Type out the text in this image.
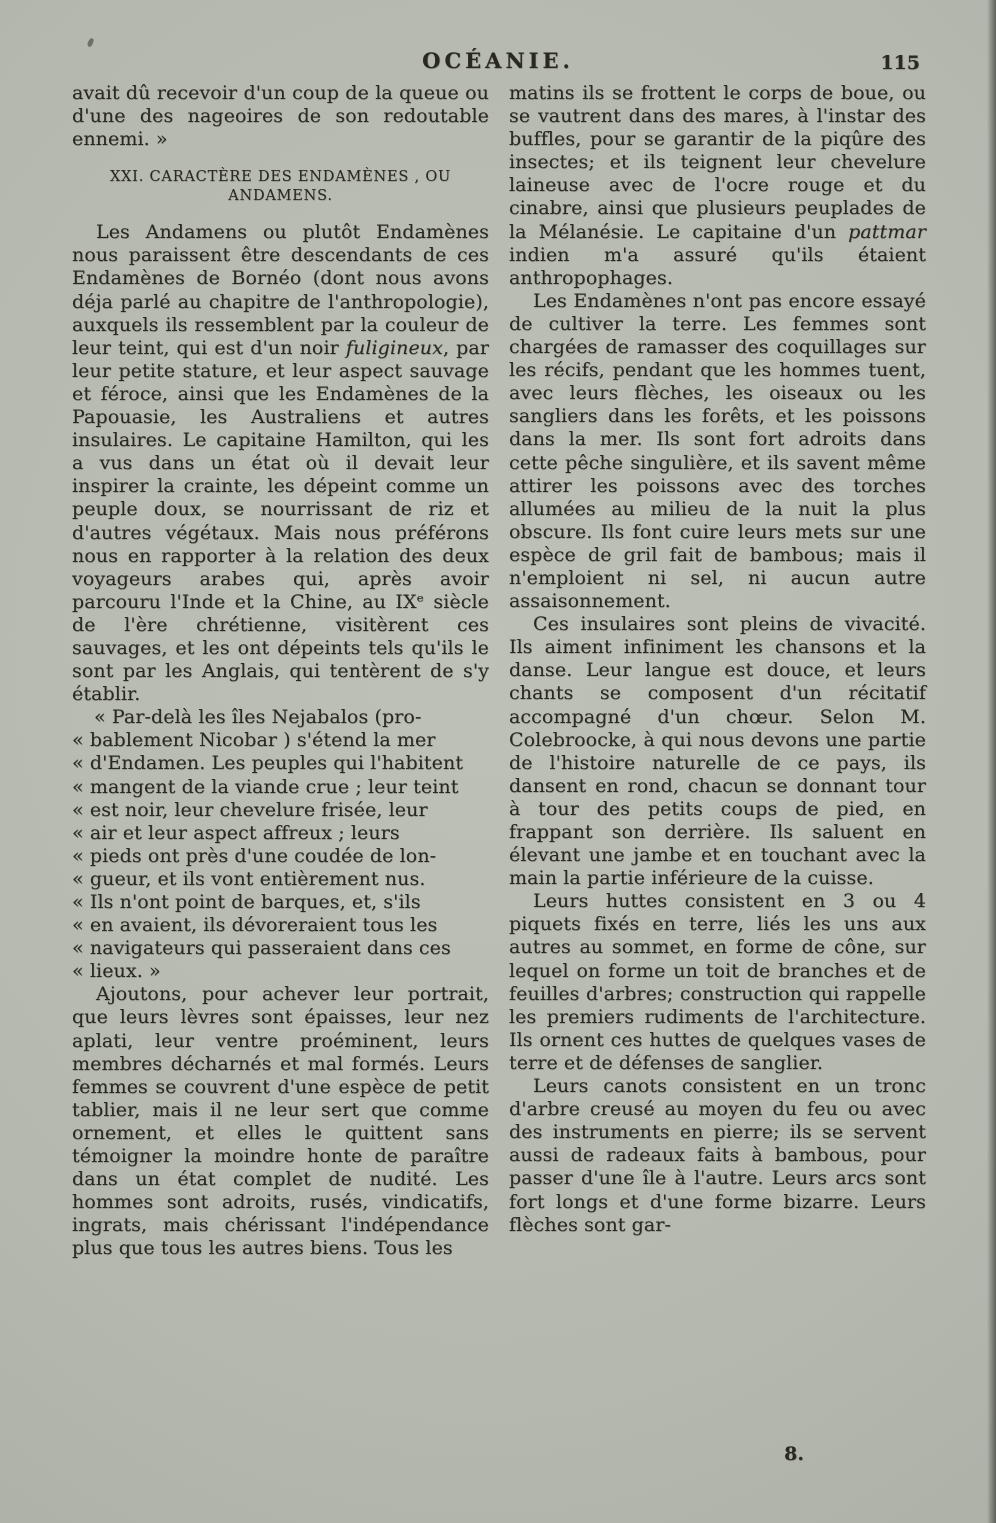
OCÉANIE.	115

avait dû recevoir d'un coup de la queue ou d'une des nageoires de son redoutable ennemi. »

XXI. CARACTÈRE DES ENDAMÈNES , OU
ANDAMENS.

Les Andamens ou plutôt Endamènes nous paraissent être descendants de ces Endamènes de Bornéo (dont nous avons déja parlé au chapitre de l'anthropologie), auxquels ils ressemblent par la couleur de leur teint, qui est d'un noir fuligineux, par leur petite stature, et leur aspect sauvage et féroce, ainsi que les Endamènes de la Papouasie, les Australiens et autres insulaires. Le capitaine Hamilton, qui les a vus dans un état où il devait leur inspirer la crainte, les dépeint comme un peuple doux, se nourrissant de riz et d'autres végétaux. Mais nous préférons nous en rapporter à la relation des deux voyageurs arabes qui, après avoir parcouru l'Inde et la Chine, au IXᵉ siècle de l'ère chrétienne, visitèrent ces sauvages, et les ont dépeints tels qu'ils le sont par les Anglais, qui tentèrent de s'y établir.

« Par-delà les îles Nejabalos (pro-
« bablement Nicobar ) s'étend la mer
« d'Endamen. Les peuples qui l'habitent
« mangent de la viande crue ; leur teint
« est noir, leur chevelure frisée, leur
« air et leur aspect affreux ; leurs
« pieds ont près d'une coudée de lon-
« gueur, et ils vont entièrement nus.
« Ils n'ont point de barques, et, s'ils
« en avaient, ils dévoreraient tous les
« navigateurs qui passeraient dans ces
« lieux. »

Ajoutons, pour achever leur portrait, que leurs lèvres sont épaisses, leur nez aplati, leur ventre proéminent, leurs membres décharnés et mal formés. Leurs femmes se couvrent d'une espèce de petit tablier, mais il ne leur sert que comme ornement, et elles le quittent sans témoigner la moindre honte de paraître dans un état complet de nudité. Les hommes sont adroits, rusés, vindicatifs, ingrats, mais chérissant l'indépendance plus que tous les autres biens. Tous les

matins ils se frottent le corps de boue, ou se vautrent dans des mares, à l'instar des buffles, pour se garantir de la piqûre des insectes; et ils teignent leur chevelure laineuse avec de l'ocre rouge et du cinabre, ainsi que plusieurs peuplades de la Mélanésie. Le capitaine d'un pattmar indien m'a assuré qu'ils étaient anthropophages.

Les Endamènes n'ont pas encore essayé de cultiver la terre. Les femmes sont chargées de ramasser des coquillages sur les récifs, pendant que les hommes tuent, avec leurs flèches, les oiseaux ou les sangliers dans les forêts, et les poissons dans la mer. Ils sont fort adroits dans cette pêche singulière, et ils savent même attirer les poissons avec des torches allumées au milieu de la nuit la plus obscure. Ils font cuire leurs mets sur une espèce de gril fait de bambous; mais il n'emploient ni sel, ni aucun autre assaisonnement.

Ces insulaires sont pleins de vivacité. Ils aiment infiniment les chansons et la danse. Leur langue est douce, et leurs chants se composent d'un récitatif accompagné d'un chœur. Selon M. Colebroocke, à qui nous devons une partie de l'histoire naturelle de ce pays, ils dansent en rond, chacun se donnant tour à tour des petits coups de pied, en frappant son derrière. Ils saluent en élevant une jambe et en touchant avec la main la partie inférieure de la cuisse.

Leurs huttes consistent en 3 ou 4 piquets fixés en terre, liés les uns aux autres au sommet, en forme de cône, sur lequel on forme un toit de branches et de feuilles d'arbres; construction qui rappelle les premiers rudiments de l'architecture. Ils ornent ces huttes de quelques vases de terre et de défenses de sanglier.

Leurs canots consistent en un tronc d'arbre creusé au moyen du feu ou avec des instruments en pierre; ils se servent aussi de radeaux faits à bambous, pour passer d'une île à l'autre. Leurs arcs sont fort longs et d'une forme bizarre. Leurs flèches sont gar-

8.
